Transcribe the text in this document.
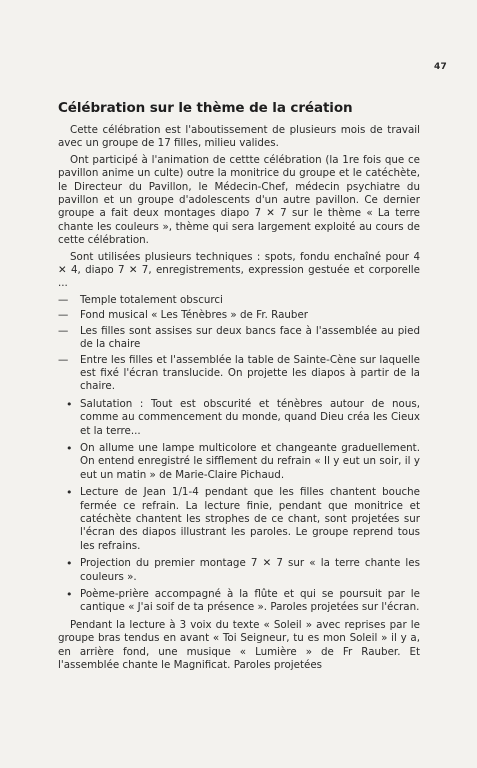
47
Célébration sur le thème de la création

Cette célébration est l'aboutissement de plusieurs mois de travail avec un groupe de 17 filles, milieu valides.

Ont participé à l'animation de cettte célébration (la 1re fois que ce pavillon anime un culte) outre la monitrice du groupe et le catéchète, le Directeur du Pavillon, le Médecin-Chef, médecin psychiatre du pavillon et un groupe d'adolescents d'un autre pavillon. Ce dernier groupe a fait deux montages diapo 7 ✕ 7 sur le thème « La terre chante les couleurs », thème qui sera largement exploité au cours de cette célébration.

Sont utilisées plusieurs techniques : spots, fondu enchaîné pour 4 ✕ 4, diapo 7 ✕ 7, enregistrements, expression gestuée et corporelle ...

— Temple totalement obscurci
— Fond musical « Les Ténèbres » de Fr. Rauber
— Les filles sont assises sur deux bancs face à l'assemblée au pied de la chaire
— Entre les filles et l'assemblée la table de Sainte-Cène sur laquelle est fixé l'écran translucide. On projette les diapos à partir de la chaire.
• Salutation : Tout est obscurité et ténèbres autour de nous, comme au commencement du monde, quand Dieu créa les Cieux et la terre...
• On allume une lampe multicolore et changeante graduellement. On entend enregistré le sifflement du refrain « Il y eut un soir, il y eut un matin » de Marie-Claire Pichaud.
• Lecture de Jean 1/1-4 pendant que les filles chantent bouche fermée ce refrain. La lecture finie, pendant que monitrice et catéchète chantent les strophes de ce chant, sont projetées sur l'écran des diapos illustrant les paroles. Le groupe reprend tous les refrains.
• Projection du premier montage 7 ✕ 7 sur « la terre chante les couleurs ».
• Poème-prière accompagné à la flûte et qui se poursuit par le cantique « J'ai soif de ta présence ». Paroles projetées sur l'écran.

Pendant la lecture à 3 voix du texte « Soleil » avec reprises par le groupe bras tendus en avant « Toi Seigneur, tu es mon Soleil » il y a, en arrière fond, une musique « Lumière » de Fr Rauber. Et l'assemblée chante le Magnificat. Paroles projetées
